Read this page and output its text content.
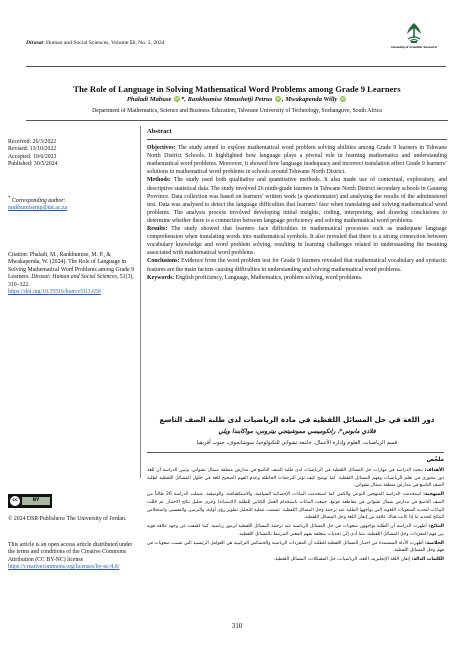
Dirasat: Human and Social Sciences, Volume 51, No. 3, 2024
Deanship of Scientific Research
The Role of Language in Solving Mathematical Word Problems among Grade 9 Learners
Phaladi Mabuse iD *, Rankhumise Mmushetji Petrus iD , Mwakapenda Willy iD
Department of Mathematics, Science and Business Education, Tshwane University of Technology, Soshanguve, South Africa
Received: 26/3/2022
Revised: 13/10/2022
Accepted: 19/6/2023
Published: 30/5/2024
* Corresponding author:
rankhumisemp@tut.ac.za
Citation: Phaladi, M., Rankhumise, M. P., & Mwakapenda, W. (2024). The Role of Language in Solving Mathematical Word Problems among Grade 9 Learners. Dirasat: Human and Social Sciences, 51(3), 310–322.
https://doi.org/10.35516/hum.v51i3.650
cc	BY
© 2024 DSR Publishers/ The University of Jordan.
This article is an open access article distributed under the terms and conditions of the Creative Commons Attribution (CC BY-NC) license
https://creativecommons.org/licenses/by-nc/4.0/
Abstract

Objectives: The study aimed to explore mathematical word problem solving abilities among Grade 9 learners in Tshwane North District Schools. It highlighted how language plays a pivotal role in learning mathematics and understanding mathematical word problems. Moreover, it showed how language inadequacy and incorrect translation affect Grade 9 learners’ solutions to mathematical word problems in schools around Tshwane North District.

Methods: The study used both qualitative and quantitative methods. It also made use of contextual, exploratory, and descriptive statistical data. The study involved 26 ninth-grade learners in Tshwane North District secondary schools in Gauteng Province. Data collection was based on learners’ written work (a questionnaire) and analysing the results of the administered test. Data was analysed to detect the language difficulties that learners’ face when translating and solving mathematical word problems. The analysis process involved developing initial insights, coding, interpreting, and drawing conclusions to determine whether there is a connection between language proficiency and solving mathematical word problems.

Results: The study showed that learners face difficulties in mathematical processes such as inadequate language comprehension when translating words into mathematical symbols. It also revealed that there is a strong connection between vocabulary knowledge and word problem solving, resulting in learning challenges related to understanding the meaning associated with mathematical word problems.

Conclusions: Evidence from the word problem test for Grade 9 learners revealed that mathematical vocabulary and syntactic features are the main factors causing difficulties in understanding and solving mathematical word problems.

Keywords: English proficiency, Language, Mathematics, problem solving, word problems.

دور اللغة في حل المسائل اللفظية في مادة الرياضيات لدى طلبة الصف التاسع
فلادي مابوس*، رانكوميسي مموشيتجي بيتروس، مواكابندا ويلي
قسم الرياضيات، العلوم وإدارة الأعمال، جامعة تشواني للتكنولوجيا، سوشانجوف، جنوب أفريقيا
ملخّص

الأهداف: تبحث الدراسة في مهارات حل المسائل اللفظية في الرياضيات لدى طلبة الصف التاسع في مدارس منطقة شمال تشواني. وتبين الدراسة أن للغة دور محوري في تعلم الرياضيات وفهم المسائل اللفظية. كما توضح كيف تؤثر الترجمات الخاطئة وعدم الفهم الصحيح للغة في حلول المسائل اللفظية لطلبة الصف التاسع في مدارس منطقة شمال تشواني.

المنهجية: استخدمت الدراسة المنهجين النوعي والكمي كما استخدمت البيانات الإحصائية السياقية، والاستكشافية، والوصفية. شملت الدراسة 26 طالباً من الصف التاسع في مدارس شمال تشواني في مقاطعة غوتنغ. جمعت البيانات باستخدام العمل الكتابي للطلبة (الاستبانة) وجرى تحليل نتائج الاختبار. ثم حُللت البيانات لتحديد الصعوبات اللغوية التي يواجهها الطلبة عند ترجمة وحل المسائل اللفظية. تضمنت عملية التحليل تطوير رؤى أولية، والترميز، والتفسير، واستخلاص النتائج لتحديد ما إذا كانت هناك علاقة بين إتقان اللغة وحل المسائل اللفظية.

النتائج: أظهرت الدراسة أن الطلبة يواجهون صعوبات في حل المسائل الرياضية عند ترجمة المسائل اللفظية لرموز رياضية. كما كشفت عن وجود علاقة قوية بين فهم المفردات وحل المسائل اللفظية، مما أدى إلى تحديات متعلقة بفهم المعنى المرتبط بالمسائل اللفظية.

الخلاصة: أظهرت الأدلة المستمدة من اختبار المسائل اللفظية للطلبة أن المفردات الرياضية والخصائص التركيبية هي العوامل الرئيسية التي تسبب صعوبات في فهم وحل المسائل اللفظية.

الكلمات الدالة: إتقان اللغة الإنجليزية، اللغة، الرياضيات، حل المشكلات، المسائل اللفظية.

310
